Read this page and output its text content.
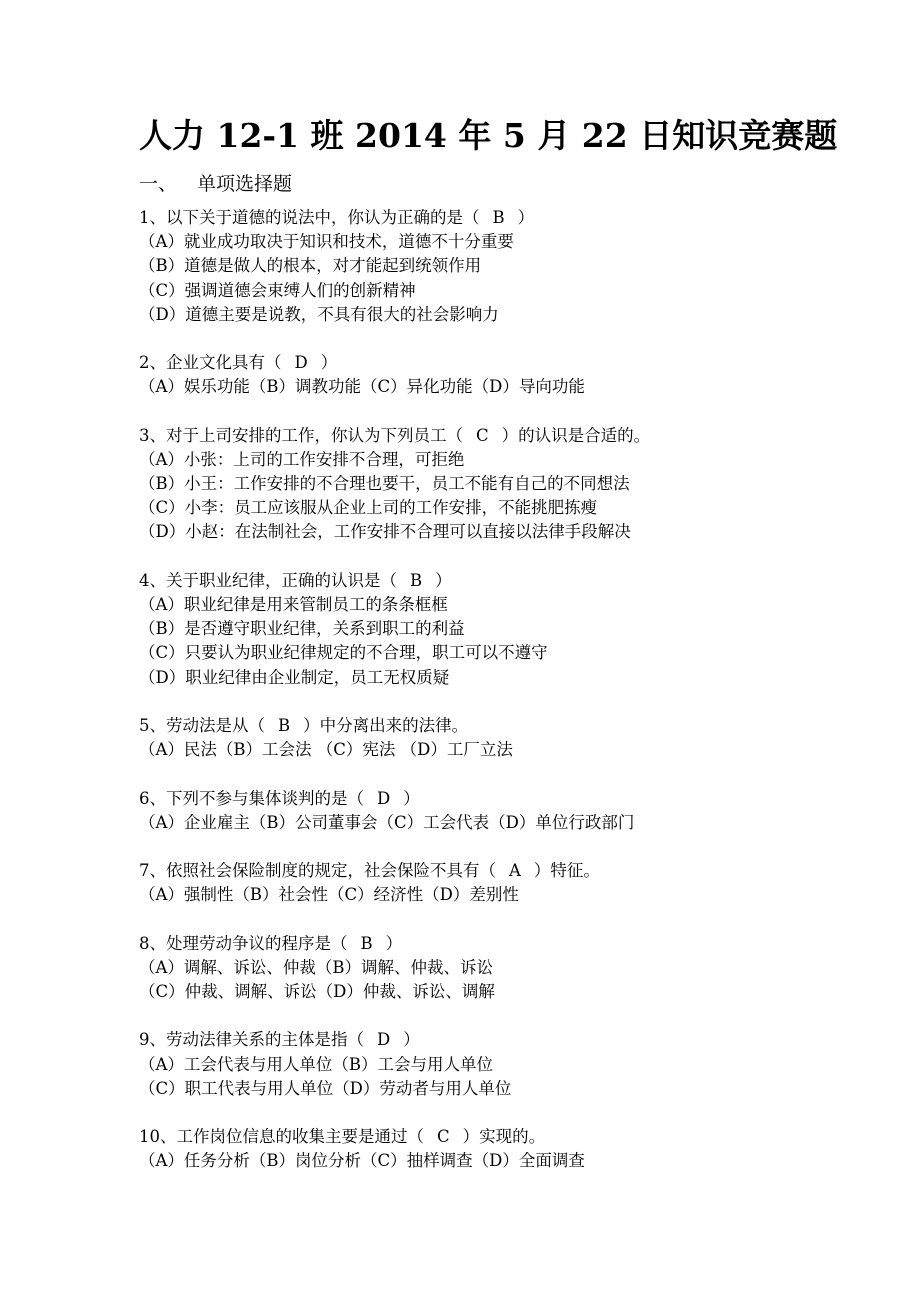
人力 12-1 班 2014 年 5 月 22 日知识竞赛题
一、 单项选择题
1、以下关于道德的说法中，你认为正确的是（ B ）
（A）就业成功取决于知识和技术，道德不十分重要
（B）道德是做人的根本，对才能起到统领作用
（C）强调道德会束缚人们的创新精神
（D）道德主要是说教，不具有很大的社会影响力
2、企业文化具有（ D ）
（A）娱乐功能（B）调教功能（C）异化功能（D）导向功能
3、对于上司安排的工作，你认为下列员工（ C ）的认识是合适的。
（A）小张：上司的工作安排不合理，可拒绝
（B）小王：工作安排的不合理也要干，员工不能有自己的不同想法
（C）小李：员工应该服从企业上司的工作安排，不能挑肥拣瘦
（D）小赵：在法制社会，工作安排不合理可以直接以法律手段解决
4、关于职业纪律，正确的认识是（ B ）
（A）职业纪律是用来管制员工的条条框框
（B）是否遵守职业纪律，关系到职工的利益
（C）只要认为职业纪律规定的不合理，职工可以不遵守
（D）职业纪律由企业制定，员工无权质疑
5、劳动法是从（ B ）中分离出来的法律。
（A）民法（B）工会法 （C）宪法 （D）工厂立法
6、下列不参与集体谈判的是（ D ）
（A）企业雇主（B）公司董事会（C）工会代表（D）单位行政部门
7、依照社会保险制度的规定，社会保险不具有（ A ）特征。
（A）强制性（B）社会性（C）经济性（D）差别性
8、处理劳动争议的程序是（ B ）
（A）调解、诉讼、仲裁（B）调解、仲裁、诉讼
（C）仲裁、调解、诉讼（D）仲裁、诉讼、调解
9、劳动法律关系的主体是指（ D ）
（A）工会代表与用人单位（B）工会与用人单位
（C）职工代表与用人单位（D）劳动者与用人单位
10、工作岗位信息的收集主要是通过（ C ）实现的。
（A）任务分析（B）岗位分析（C）抽样调查（D）全面调查
